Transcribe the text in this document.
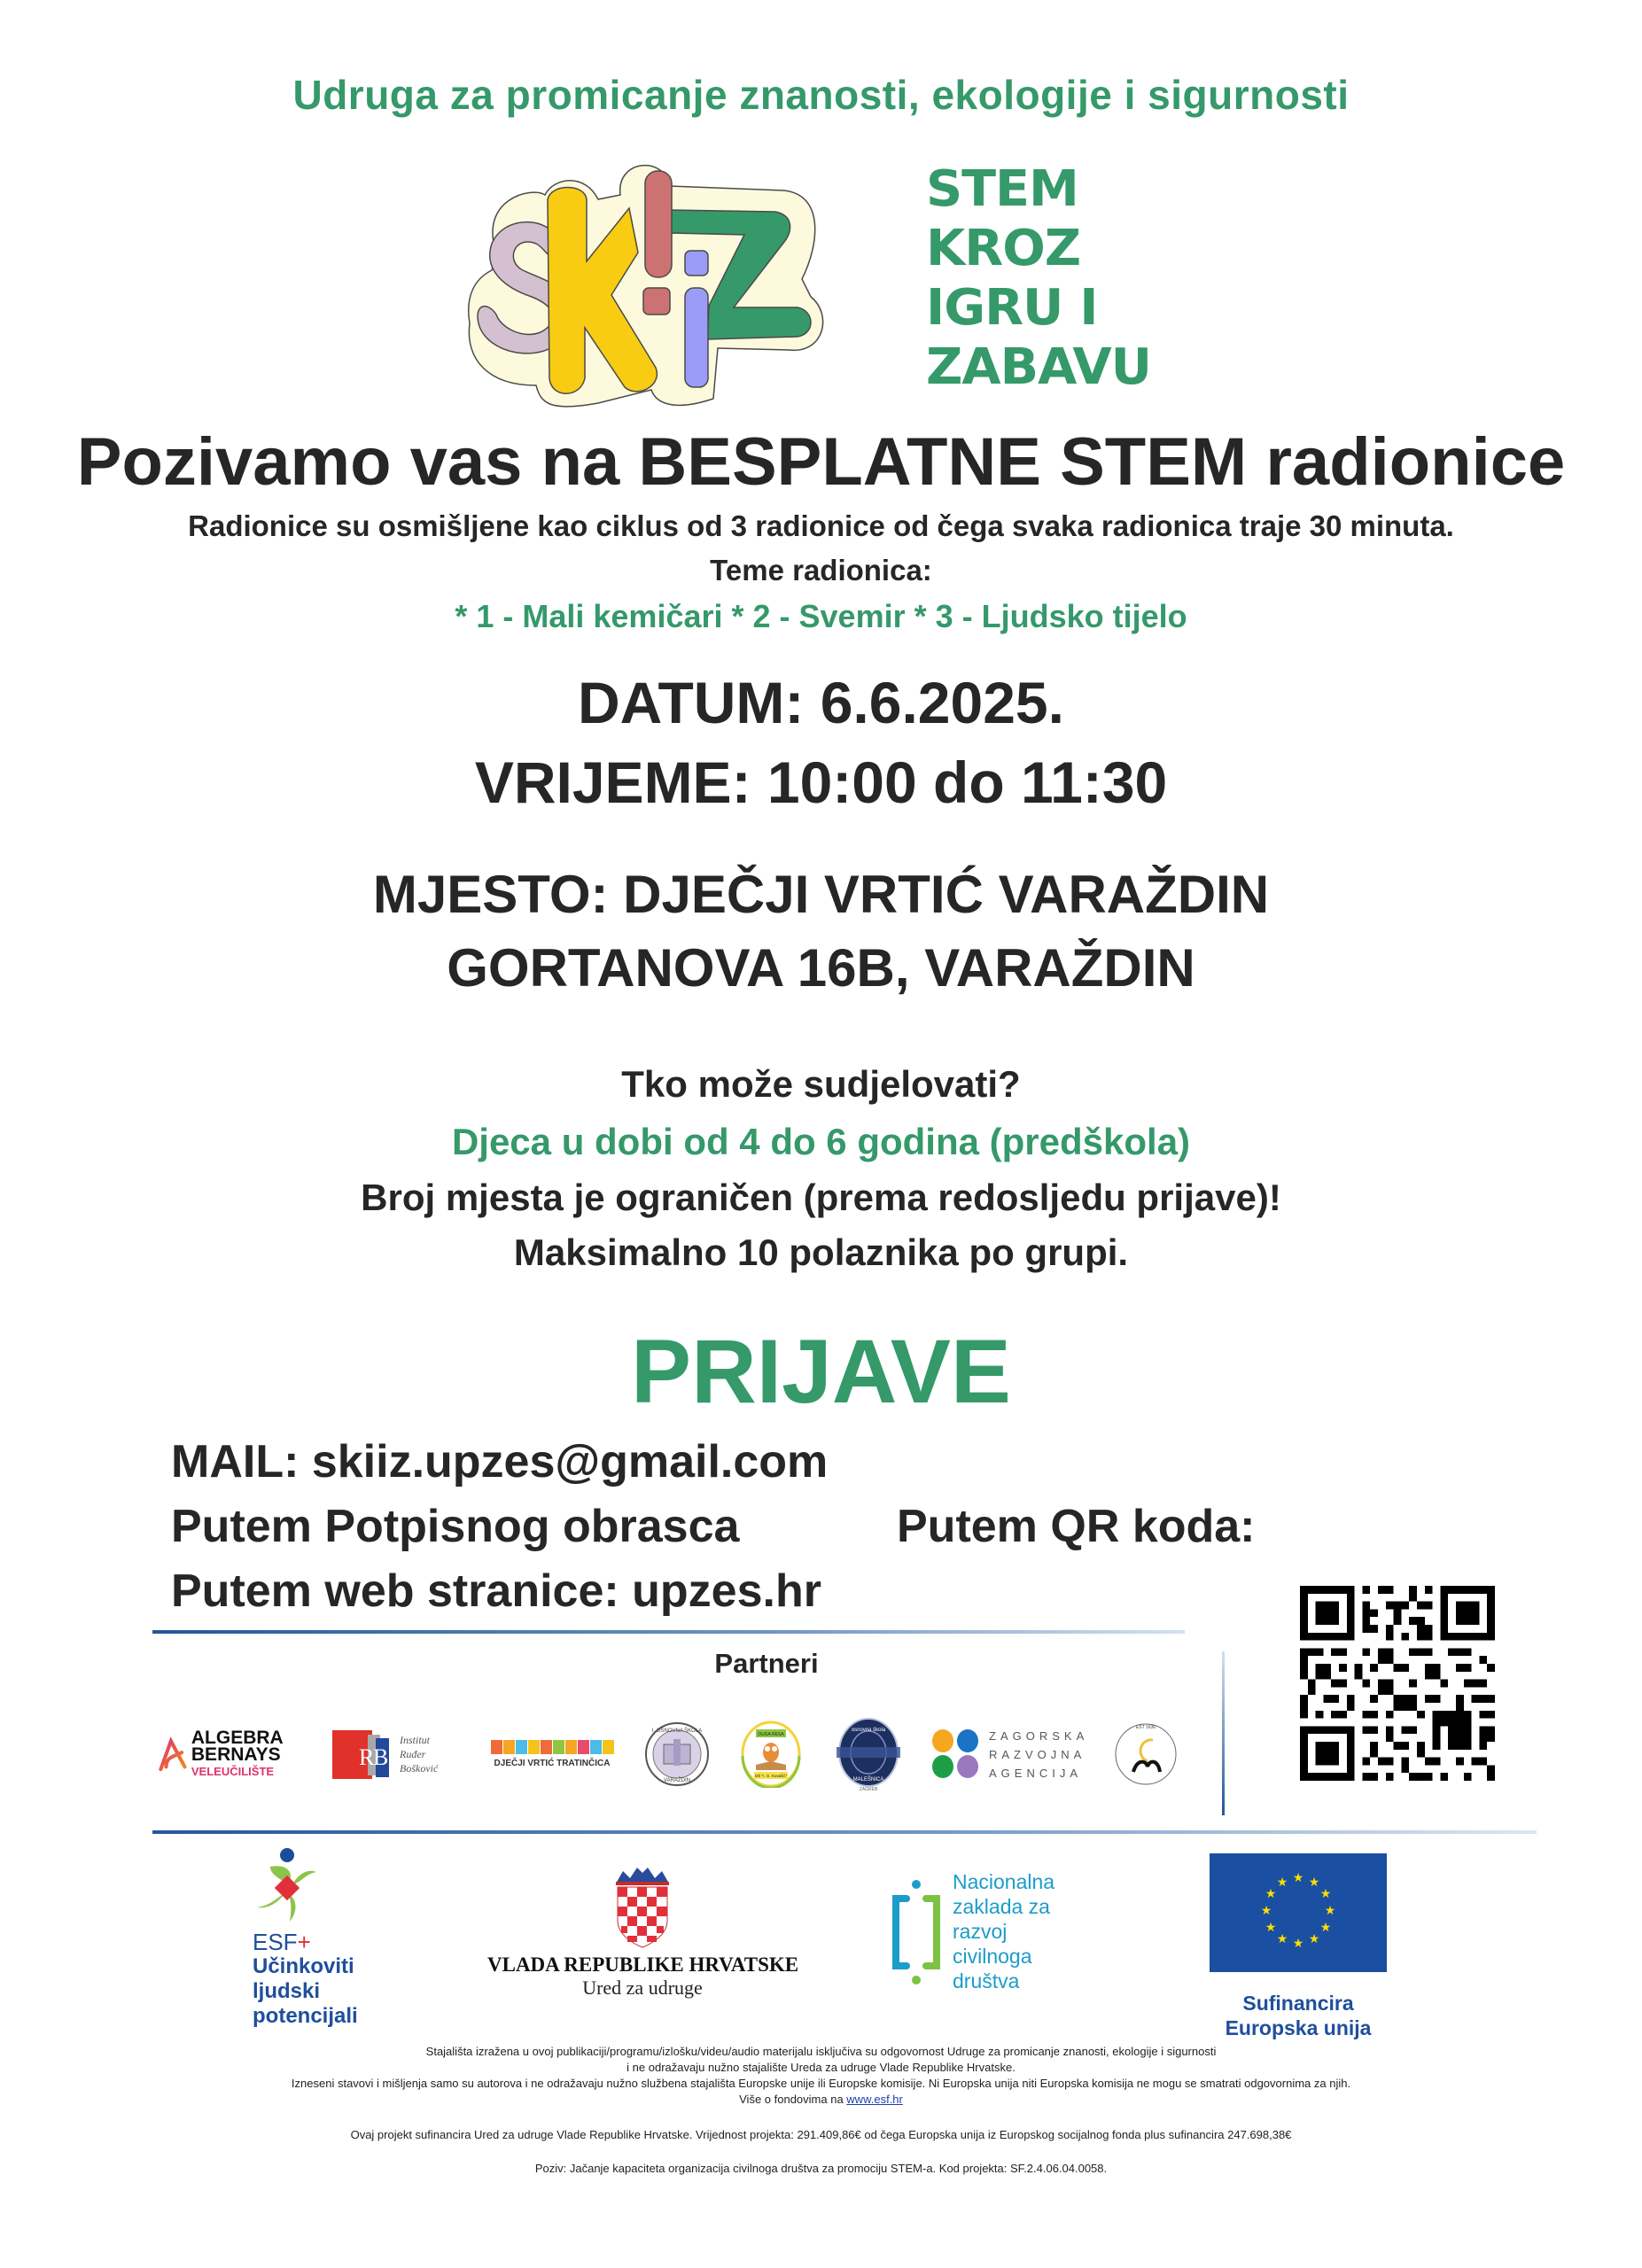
Udruga za promicanje znanosti, ekologije i sigurnosti
STEM
KROZ
IGRU I
ZABAVU
Pozivamo vas na BESPLATNE STEM radionice
Radionice su osmišljene kao ciklus od 3 radionice od čega svaka radionica traje 30 minuta.
Teme radionica:
* 1 - Mali kemičari * 2 - Svemir * 3 - Ljudsko tijelo
DATUM: 6.6.2025.
VRIJEME: 10:00 do 11:30
MJESTO: DJEČJI VRTIĆ VARAŽDIN
GORTANOVA 16B, VARAŽDIN
Tko može sudjelovati?
Djeca u dobi od 4 do 6 godina (predškola)
Broj mjesta je ograničen (prema redosljedu prijave)!
Maksimalno 10 polaznika po grupi.
PRIJAVE
MAIL: skiiz.upzes@gmail.com
Putem Potpisnog obrasca
Putem web stranice: upzes.hr
Putem QR koda:
Partneri
ALGEBRA BERNAYS
VELEUČILIŠTE
R
B
Institut
Ruđer
Bošković	DJEČJI VRTIĆ TRATINČICA
I. OSNOVNA ŠKOLA
VARAŽDIN
DUGA RESA
OŠ "I. G. Kovačić"
osnovna škola
MALEŠNICA
ZAGREB
ZAGORSKA
RAZVOJNA
AGENCIJA
EST 1636
ESF+
Učinkoviti
ljudski
potencijali
VLADA REPUBLIKE HRVATSKE
Ured za udruge
Nacionalna
zaklada za
razvoj
civilnoga
društva
★ ★
★
★
★
★
★
★
★
★
★
★
Sufinancira
Europska unija
Stajališta izražena u ovoj publikaciji/programu/izlošku/videu/audio materijalu isključiva su odgovornost Udruge za promicanje znanosti, ekologije i sigurnosti
i ne odražavaju nužno stajalište Ureda za udruge Vlade Republike Hrvatske.
Izneseni stavovi i mišljenja samo su autorova i ne odražavaju nužno službena stajališta Europske unije ili Europske komisije. Ni Europska unija niti Europska komisija ne mogu se smatrati odgovornima za njih.
Više o fondovima na www.esf.hr
Ovaj projekt sufinancira Ured za udruge Vlade Republike Hrvatske. Vrijednost projekta: 291.409,86€ od čega Europska unija iz Europskog socijalnog fonda plus sufinancira 247.698,38€
Poziv: Jačanje kapaciteta organizacija civilnoga društva za promociju STEM-a. Kod projekta: SF.2.4.06.04.0058.
